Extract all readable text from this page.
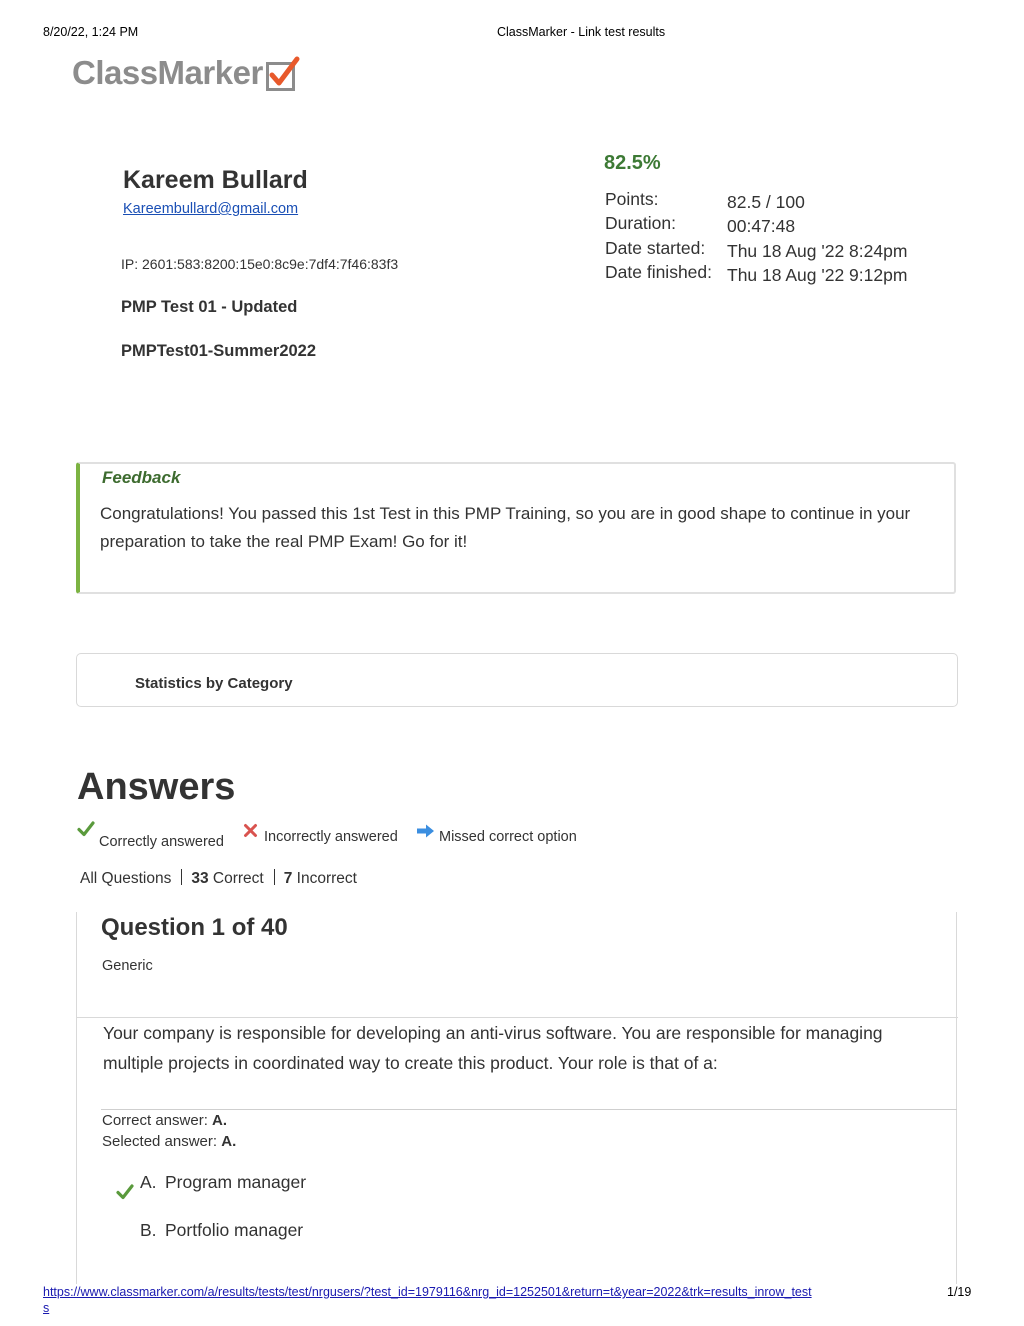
8/20/22, 1:24 PM	ClassMarker - Link test results
ClassMarker
Kareem Bullard
Kareembullard@gmail.com
IP: 2601:583:8200:15e0:8c9e:7df4:7f46:83f3
PMP Test 01 - Updated
PMPTest01-Summer2022
82.5%
Points:	82.5 / 100
Duration:	00:47:48
Date started: Thu 18 Aug '22 8:24pm
Date finished: Thu 18 Aug '22 9:12pm
Feedback
Congratulations! You passed this 1st Test in this PMP Training, so you are in good shape to continue in your preparation to take the real PMP Exam! Go for it!
Statistics by Category
Answers
Correctly answered	Incorrectly answered	Missed correct option
All Questions 33 Correct 7 Incorrect
Question 1 of 40
Generic
Your company is responsible for developing an anti-virus software. You are responsible for managing multiple projects in coordinated way to create this product. Your role is that of a:
Correct answer: A.
Selected answer: A.
A. Program manager
B. Portfolio manager
https://www.classmarker.com/a/results/tests/test/nrgusers/?test_id=1979116&nrg_id=1252501&return=t&year=2022&trk=results_inrow_test
s
1/19
